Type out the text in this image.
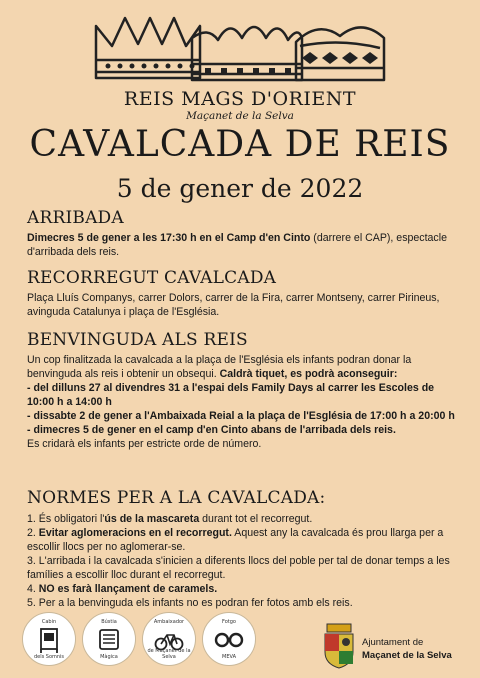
REIS MAGS D'ORIENT
Maçanet de la Selva
CAVALCADA DE REIS
5 de gener de 2022
ARRIBADA

Dimecres 5 de gener a les 17:30 h en el Camp d'en Cinto (darrere el CAP), espectacle d'arribada dels reis.

RECORREGUT CAVALCADA

Plaça Lluís Companys, carrer Dolors, carrer de la Fira, carrer Montseny, carrer Pirineus, avinguda Catalunya i plaça de l'Església.

BENVINGUDA ALS REIS

Un cop finalitzada la cavalcada a la plaça de l'Església els infants podran donar la benvinguda als reis i obtenir un obsequi. Caldrà tiquet, es podrà aconseguir:

- del dilluns 27 al divendres 31 a l'espai dels Family Days al carrer les Escoles de 10:00 h a 14:00 h

- dissabte 2 de gener a l'Ambaixada Reial a la plaça de l'Església de 17:00 h a 20:00 h

- dimecres 5 de gener en el camp d'en Cinto abans de l'arribada dels reis.

Es cridarà els infants per estricte orde de número.

NORMES PER A LA CAVALCADA:

1. És obligatori l'ús de la mascareta durant tot el recorregut.

2. Evitar aglomeracions en el recorregut. Aquest any la cavalcada és prou llarga per a escollir llocs per no aglomerar-se.

3. L'arribada i la cavalcada s'inicien a diferents llocs del poble per tal de donar temps a les famílies a escollir lloc durant el recorregut.

4. NO es farà llançament de caramels.

5. Per a la benvinguda els infants no es podran fer fotos amb els reis.

Cabin
dels Somnis
Bústia
Màgica
Ambaixador
de Maçanet de la Selva
Fotgo
MEVA
Ajuntament de
Maçanet de la Selva
